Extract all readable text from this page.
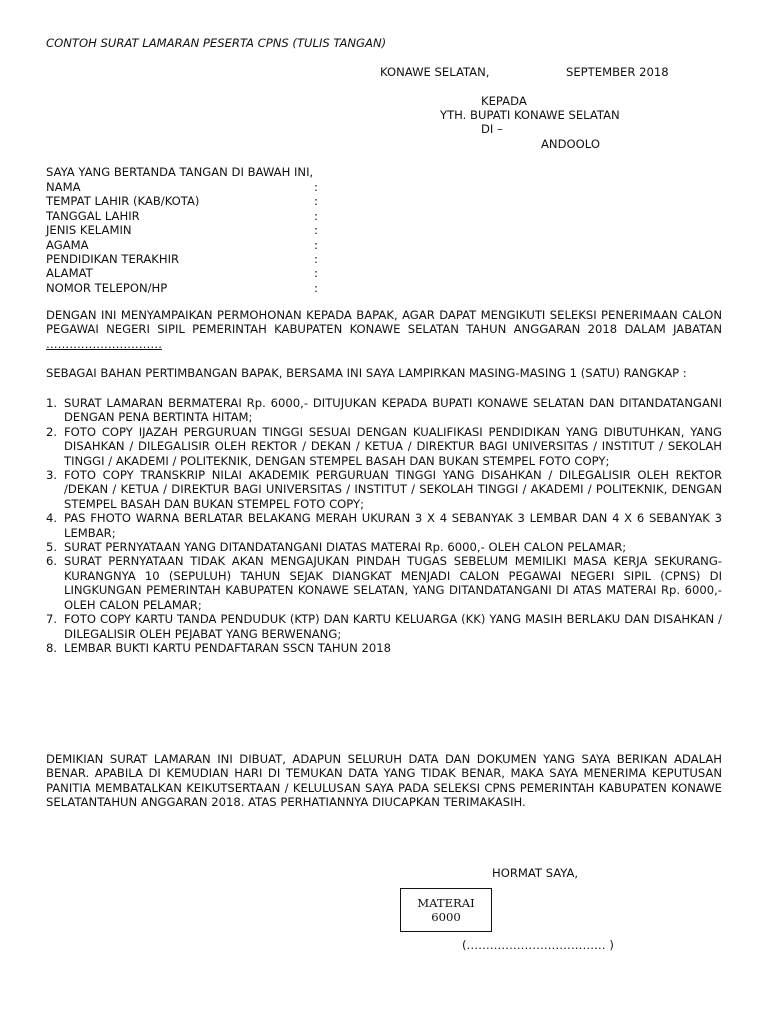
CONTOH SURAT LAMARAN PESERTA CPNS (TULIS TANGAN)
KONAWE SELATAN,	SEPTEMBER 2018
KEPADA
YTH. BUPATI KONAWE SELATAN
DI –
ANDOOLO
SAYA YANG BERTANDA TANGAN DI BAWAH INI,
NAMA	:
TEMPAT LAHIR (KAB/KOTA)	:
TANGGAL LAHIR	:
JENIS KELAMIN	:
AGAMA	:
PENDIDIKAN TERAKHIR	:
ALAMAT	:
NOMOR TELEPON/HP	:
DENGAN INI MENYAMPAIKAN PERMOHONAN KEPADA BAPAK, AGAR DAPAT MENGIKUTI SELEKSI PENERIMAAN CALON PEGAWAI NEGERI SIPIL PEMERINTAH KABUPATEN KONAWE SELATAN TAHUN ANGGARAN 2018 DALAM JABATAN …………………………
SEBAGAI BAHAN PERTIMBANGAN BAPAK, BERSAMA INI SAYA LAMPIRKAN MASING-MASING 1 (SATU) RANGKAP :
1. SURAT LAMARAN BERMATERAI Rp. 6000,- DITUJUKAN KEPADA BUPATI KONAWE SELATAN DAN DITANDATANGANI DENGAN PENA BERTINTA HITAM;
2. FOTO COPY IJAZAH PERGURUAN TINGGI SESUAI DENGAN KUALIFIKASI PENDIDIKAN YANG DIBUTUHKAN, YANG DISAHKAN / DILEGALISIR OLEH REKTOR / DEKAN / KETUA / DIREKTUR BAGI UNIVERSITAS / INSTITUT / SEKOLAH TINGGI / AKADEMI / POLITEKNIK, DENGAN STEMPEL BASAH DAN BUKAN STEMPEL FOTO COPY;
3. FOTO COPY TRANSKRIP NILAI AKADEMIK PERGURUAN TINGGI YANG DISAHKAN / DILEGALISIR OLEH REKTOR /DEKAN / KETUA / DIREKTUR BAGI UNIVERSITAS / INSTITUT / SEKOLAH TINGGI / AKADEMI / POLITEKNIK, DENGAN STEMPEL BASAH DAN BUKAN STEMPEL FOTO COPY;
4. PAS FHOTO WARNA BERLATAR BELAKANG MERAH UKURAN 3 X 4 SEBANYAK 3 LEMBAR DAN 4 X 6 SEBANYAK 3 LEMBAR;
5. SURAT PERNYATAAN YANG DITANDATANGANI DIATAS MATERAI Rp. 6000,- OLEH CALON PELAMAR;
6. SURAT PERNYATAAN TIDAK AKAN MENGAJUKAN PINDAH TUGAS SEBELUM MEMILIKI MASA KERJA SEKURANG-KURANGNYA 10 (SEPULUH) TAHUN SEJAK DIANGKAT MENJADI CALON PEGAWAI NEGERI SIPIL (CPNS) DI LINGKUNGAN PEMERINTAH KABUPATEN KONAWE SELATAN, YANG DITANDATANGANI DI ATAS MATERAI Rp. 6000,- OLEH CALON PELAMAR;
7. FOTO COPY KARTU TANDA PENDUDUK (KTP) DAN KARTU KELUARGA (KK) YANG MASIH BERLAKU DAN DISAHKAN / DILEGALISIR OLEH PEJABAT YANG BERWENANG;
8. LEMBAR BUKTI KARTU PENDAFTARAN SSCN TAHUN 2018
DEMIKIAN SURAT LAMARAN INI DIBUAT, ADAPUN SELURUH DATA DAN DOKUMEN YANG SAYA BERIKAN ADALAH BENAR. APABILA DI KEMUDIAN HARI DI TEMUKAN DATA YANG TIDAK BENAR, MAKA SAYA MENERIMA KEPUTUSAN PANITIA MEMBATALKAN KEIKUTSERTAAN / KELULUSAN SAYA PADA SELEKSI CPNS PEMERINTAH KABUPATEN KONAWE SELATANTAHUN ANGGARAN 2018. ATAS PERHATIANNYA DIUCAPKAN TERIMAKASIH.
HORMAT SAYA,
MATERAI
6000
(……………………………… )
